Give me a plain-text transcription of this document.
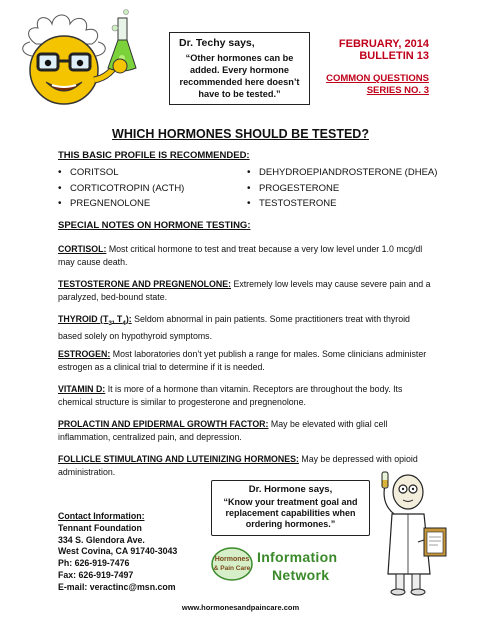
Dr. Techy says,
“Other hormones can be added. Every hormone recommended here doesn’t have to be tested.”
FEBRUARY, 2014
BULLETIN 13
COMMON QUESTIONS
SERIES NO. 3
WHICH HORMONES SHOULD BE TESTED?
THIS BASIC PROFILE IS RECOMMENDED:
• CORITSOL
• CORTICOTROPIN (ACTH)
• PREGNENOLONE
• DEHYDROEPIANDROSTERONE (DHEA)
• PROGESTERONE
• TESTOSTERONE
SPECIAL NOTES ON HORMONE TESTING:
CORTISOL: Most critical hormone to test and treat because a very low level under 1.0 mcg/dl may cause death.
TESTOSTERONE AND PREGNENOLONE: Extremely low levels may cause severe pain and a paralyzed, bed-bound state.
THYROID ($T_3$, $T_4$): Seldom abnormal in pain patients. Some practitioners treat with thyroid based solely on hypothyroid symptoms.
ESTROGEN: Most laboratories don’t yet publish a range for males. Some clinicians administer estrogen as a clinical trial to determine if it is needed.
VITAMIN D: It is more of a hormone than vitamin. Receptors are throughout the body. Its chemical structure is similar to progesterone and pregnenolone.
PROLACTIN AND EPIDERMAL GROWTH FACTOR: May be elevated with glial cell inflammation, centralized pain, and depression.
FOLLICLE STIMULATING AND LUTEINIZING HORMONES: May be depressed with opioid administration.
Dr. Hormone says,
“Know your treatment goal and replacement capabilities when ordering hormones.”
Contact Information:
Tennant Foundation
334 S. Glendora Ave.
West Covina, CA 91740-3043
Ph: 626-919-7476
Fax: 626-919-7497
E-mail: veractinc@msn.com
Hormones
& Pain Care
Information
Network
www.hormonesandpaincare.com
